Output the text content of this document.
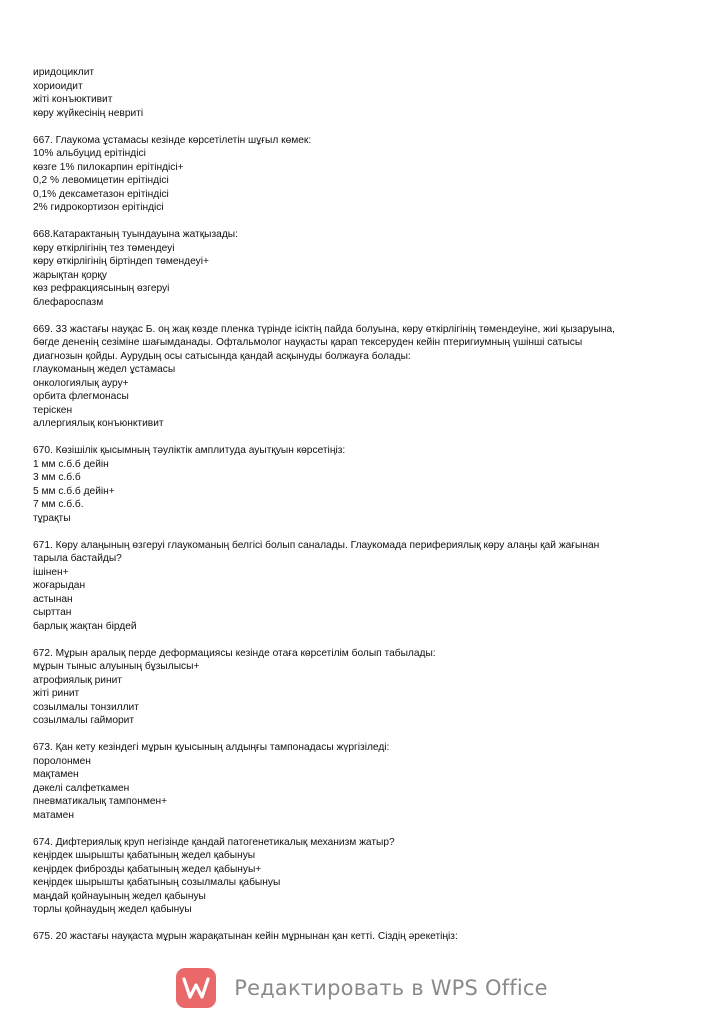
иридоциклит
хориоидит
жіті конъюктивит
көру жүйкесінің невриті
667. Глаукома ұстамасы кезінде көрсетілетін шұғыл көмек:
10% альбуцид ерітіндісі
көзге 1% пилокарпин ерітіндісі+
0,2 % левомицетин ерітіндісі
0,1% дексаметазон ерітіндісі
2% гидрокортизон ерітіндісі
668.Катарактаның туындауына жатқызады:
көру өткірлігінің тез төмендеуі
көру өткірлігінің біртіндеп төмендеуі+
жарықтан қорқу
көз рефракциясының өзгеруі
блефароспазм
669. 33 жастағы науқас Б. оң жақ көзде пленка түрінде ісіктің пайда болуына, көру өткірлігінің төмендеуіне, жиі қызаруына,
бөгде дененің сезіміне шағымданады. Офтальмолог науқасты қарап тексеруден кейін птеригиумның үшінші сатысы
диагнозын қойды. Аурудың осы сатысында қандай асқынуды болжауға болады:
глаукоманың жедел ұстамасы
онкологиялық ауру+
орбита флегмонасы
теріскен
аллергиялық конъюнктивит
670. Көзішілік қысымның тәуліктік амплитуда ауытқуын көрсетіңіз:
1 мм с.б.б дейін
3 мм с.б.б
5 мм с.б.б дейін+
7 мм с.б.б.
тұрақты
671. Көру алаңының өзгеруі глаукоманың белгісі болып саналады. Глаукомада перифериялық көру алаңы қай жағынан
тарыла бастайды?
ішінен+
жоғарыдан
астынан
сырттан
барлық жақтан бірдей
672. Мұрын аралық перде деформациясы кезінде отаға көрсетілім болып табылады:
мұрын тыныс алуының бұзылысы+
атрофиялық ринит
жіті ринит
созылмалы тонзиллит
созылмалы гайморит
673. Қан кету кезіндегі мұрын қуысының алдыңғы тампонадасы жүргізіледі:
поролонмен
мақтамен
дәкелі салфеткамен
пневматикалық тампонмен+
матамен
674. Дифтериялық круп негізінде қандай патогенетикалық механизм жатыр?
кеңірдек шырышты қабатының жедел қабынуы
кеңірдек фиброзды қабатының жедел қабынуы+
кеңірдек шырышты қабатының созылмалы қабынуы
маңдай қойнауының жедел қабынуы
торлы қойнаудың жедел қабынуы
675. 20 жастағы науқаста мұрын жарақатынан кейін мұрнынан қан кетті. Сіздің әрекетіңіз:
Редактировать в WPS Office
